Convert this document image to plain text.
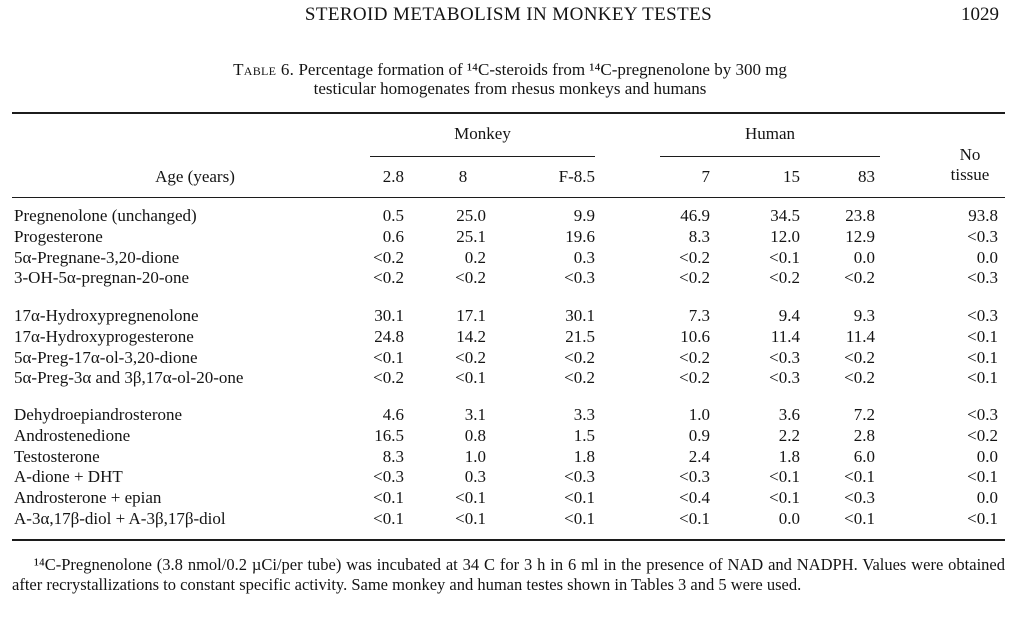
STEROID METABOLISM IN MONKEY TESTES	1029
Table 6. Percentage formation of ¹⁴C-steroids from ¹⁴C-pregnenolone by 300 mg
testicular homogenates from rhesus monkeys and humans
Monkey	Human
No
tissue
Age (years)	2.8	8	F-8.5	7	15	83
Pregnenolone (unchanged)	0.5	25.0	9.9	46.9	34.5	23.8	93.8
Progesterone	0.6	25.1	19.6	8.3	12.0	12.9	<0.3
5α-Pregnane-3,20-dione	<0.2	0.2	0.3	<0.2	<0.1	0.0	0.0
3-OH-5α-pregnan-20-one	<0.2	<0.2	<0.3	<0.2	<0.2	<0.2	<0.3
17α-Hydroxypregnenolone	30.1	17.1	30.1	7.3	9.4	9.3	<0.3
17α-Hydroxyprogesterone	24.8	14.2	21.5	10.6	11.4	11.4	<0.1
5α-Preg-17α-ol-3,20-dione	<0.1	<0.2	<0.2	<0.2	<0.3	<0.2	<0.1
5α-Preg-3α and 3β,17α-ol-20-one	<0.2	<0.1	<0.2	<0.2	<0.3	<0.2	<0.1
Dehydroepiandrosterone	4.6	3.1	3.3	1.0	3.6	7.2	<0.3
Androstenedione	16.5	0.8	1.5	0.9	2.2	2.8	<0.2
Testosterone	8.3	1.0	1.8	2.4	1.8	6.0	0.0
A-dione + DHT	<0.3	0.3	<0.3	<0.3	<0.1	<0.1	<0.1
Androsterone + epian	<0.1	<0.1	<0.1	<0.4	<0.1	<0.3	0.0
A-3α,17β-diol + A-3β,17β-diol	<0.1	<0.1	<0.1	<0.1	0.0	<0.1	<0.1
¹⁴C-Pregnenolone (3.8 nmol/0.2 µCi/per tube) was incubated at 34 C for 3 h in 6 ml in the presence of NAD and NADPH. Values were obtained after recrystallizations to constant specific activity. Same monkey and human testes shown in Tables 3 and 5 were used.
